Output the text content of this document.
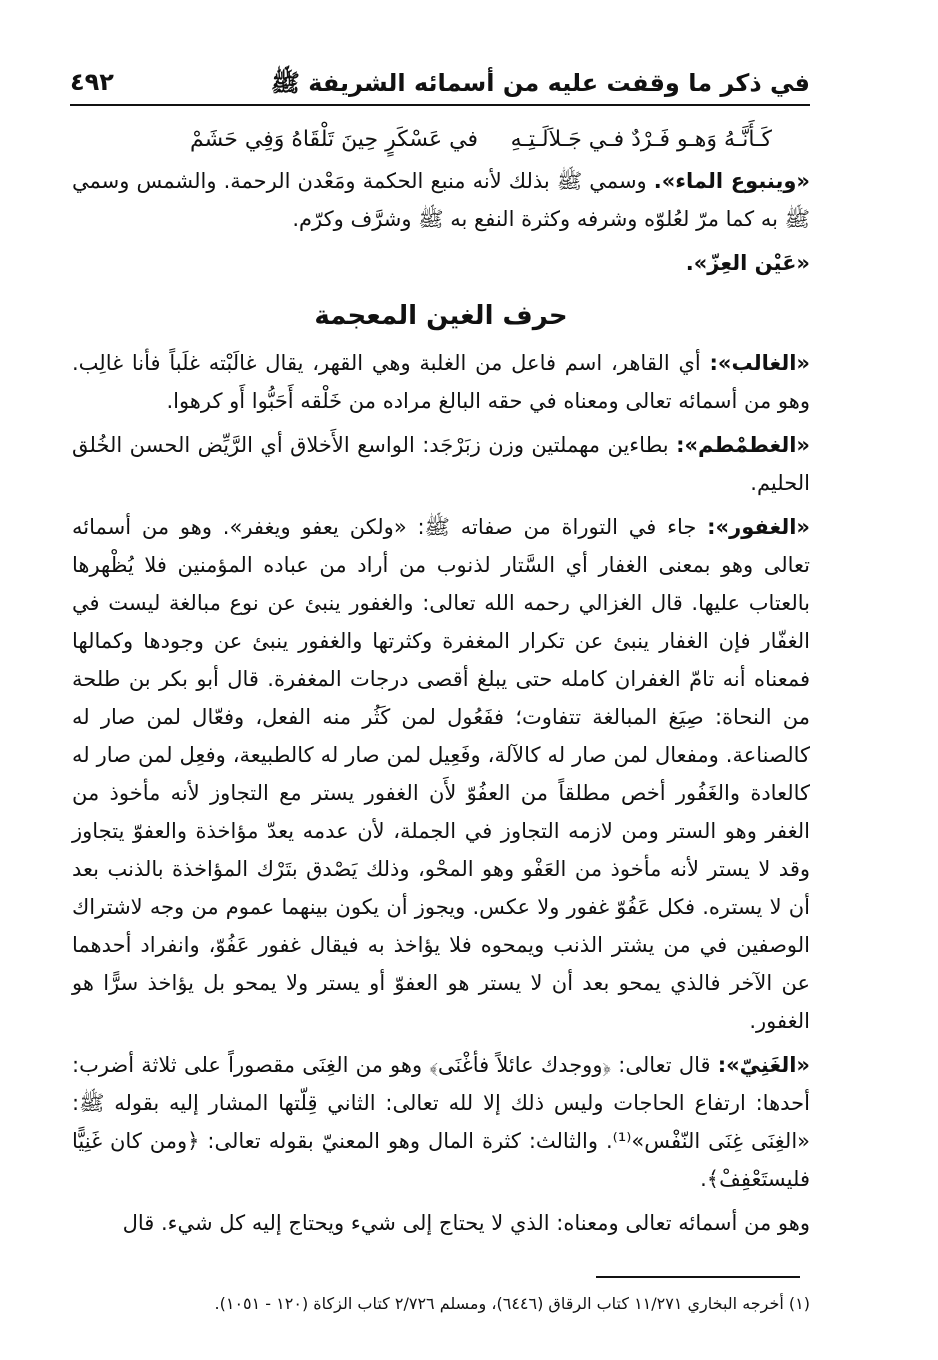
في ذكر ما وقفت عليه من أسمائه الشريفة ﷺ
٤٩٢
كَـأَنَّـهُ وَهـو فَـرْدٌ فـي جَـلاَلَـتِـهِ
في عَسْكَرٍ حِينَ تَلْقَاهُ وَفِي حَشَمْ

«وينبوع الماء». وسمي ﷺ بذلك لأنه منبع الحكمة ومَعْدن الرحمة. والشمس وسمي ﷺ به كما مرّ لعُلوّه وشرفه وكثرة النفع به ﷺ وشرَّف وكرّم.

«عَيْن العِزّ».

حرف الغين المعجمة

«الغالب»: أي القاهر، اسم فاعل من الغلبة وهي القهر، يقال غالَبْته غلَباً فأنا غالِب. وهو من أسمائه تعالى ومعناه في حقه البالغ مراده من خَلْقه أَحَبُّوا أَو كرهوا.

«الغطمْطم»: بطاءين مهملتين وزن زبَرْجَد: الواسع الأَخلاق أي الرَّيِّض الحسن الخُلق الحليم.

«الغفور»: جاء في التوراة من صفاته ﷺ: «ولكن يعفو ويغفر». وهو من أسمائه تعالى وهو بمعنى الغفار أي السَّتار لذنوب من أراد من عباده المؤمنين فلا يُظْهرها بالعتاب عليها. قال الغزالي رحمه الله تعالى: والغفور ينبئ عن نوع مبالغة ليست في الغفّار فإن الغفار ينبئ عن تكرار المغفرة وكثرتها والغفور ينبئ عن وجودها وكمالها فمعناه أنه تامّ الغفران كامله حتى يبلغ أقصى درجات المغفرة. قال أبو بكر بن طلحة من النحاة: صِيَغ المبالغة تتفاوت؛ ففَعُول لمن كَثُر منه الفعل، وفعّال لمن صار له كالصناعة. ومفعال لمن صار له كالآلة، وفَعِيل لمن صار له كالطبيعة، وفعِل لمن صار له كالعادة والغَفُور أخص مطلقاً من العفُوّ لأَن الغفور يستر مع التجاوز لأنه مأخوذ من الغفر وهو الستر ومن لازمه التجاوز في الجملة، لأن عدمه يعدّ مؤاخذة والعفوّ يتجاوز وقد لا يستر لأنه مأخوذ من العَفْو وهو المحْو، وذلك يَصْدق بتَرْك المؤاخذة بالذنب بعد أن لا يستره. فكل عَفُوّ غفور ولا عكس. ويجوز أن يكون بينهما عموم من وجه لاشتراك الوصفين في من يشتر الذنب ويمحوه فلا يؤاخذ به فيقال غفور عَفُوّ، وانفراد أحدهما عن الآخر فالذي يمحو بعد أن لا يستر هو العفوّ أو يستر ولا يمحو بل يؤاخذ سرًّا هو الغفور.

«الغَنِيّ»: قال تعالى: ﴿ووجدك عائلاً فأغْنَى﴾ وهو من الغِنَى مقصوراً على ثلاثة أضرب: أحدها: ارتفاع الحاجات وليس ذلك إلا لله تعالى: الثاني قِلّتها المشار إليه بقوله ﷺ: «الغِنَى غِنَى النّفْس»⁽¹⁾. والثالث: كثرة المال وهو المعنيّ بقوله تعالى: ﴿ومن كان غَنِيًّا فليستَعْفِفْ﴾.

وهو من أسمائه تعالى ومعناه: الذي لا يحتاج إلى شيء ويحتاج إليه كل شيء. قال

(١) أخرجه البخاري ١١/٢٧١ كتاب الرقاق (٦٤٤٦)، ومسلم ٢/٧٢٦ كتاب الزكاة (١٢٠ - ١٠٥١).
